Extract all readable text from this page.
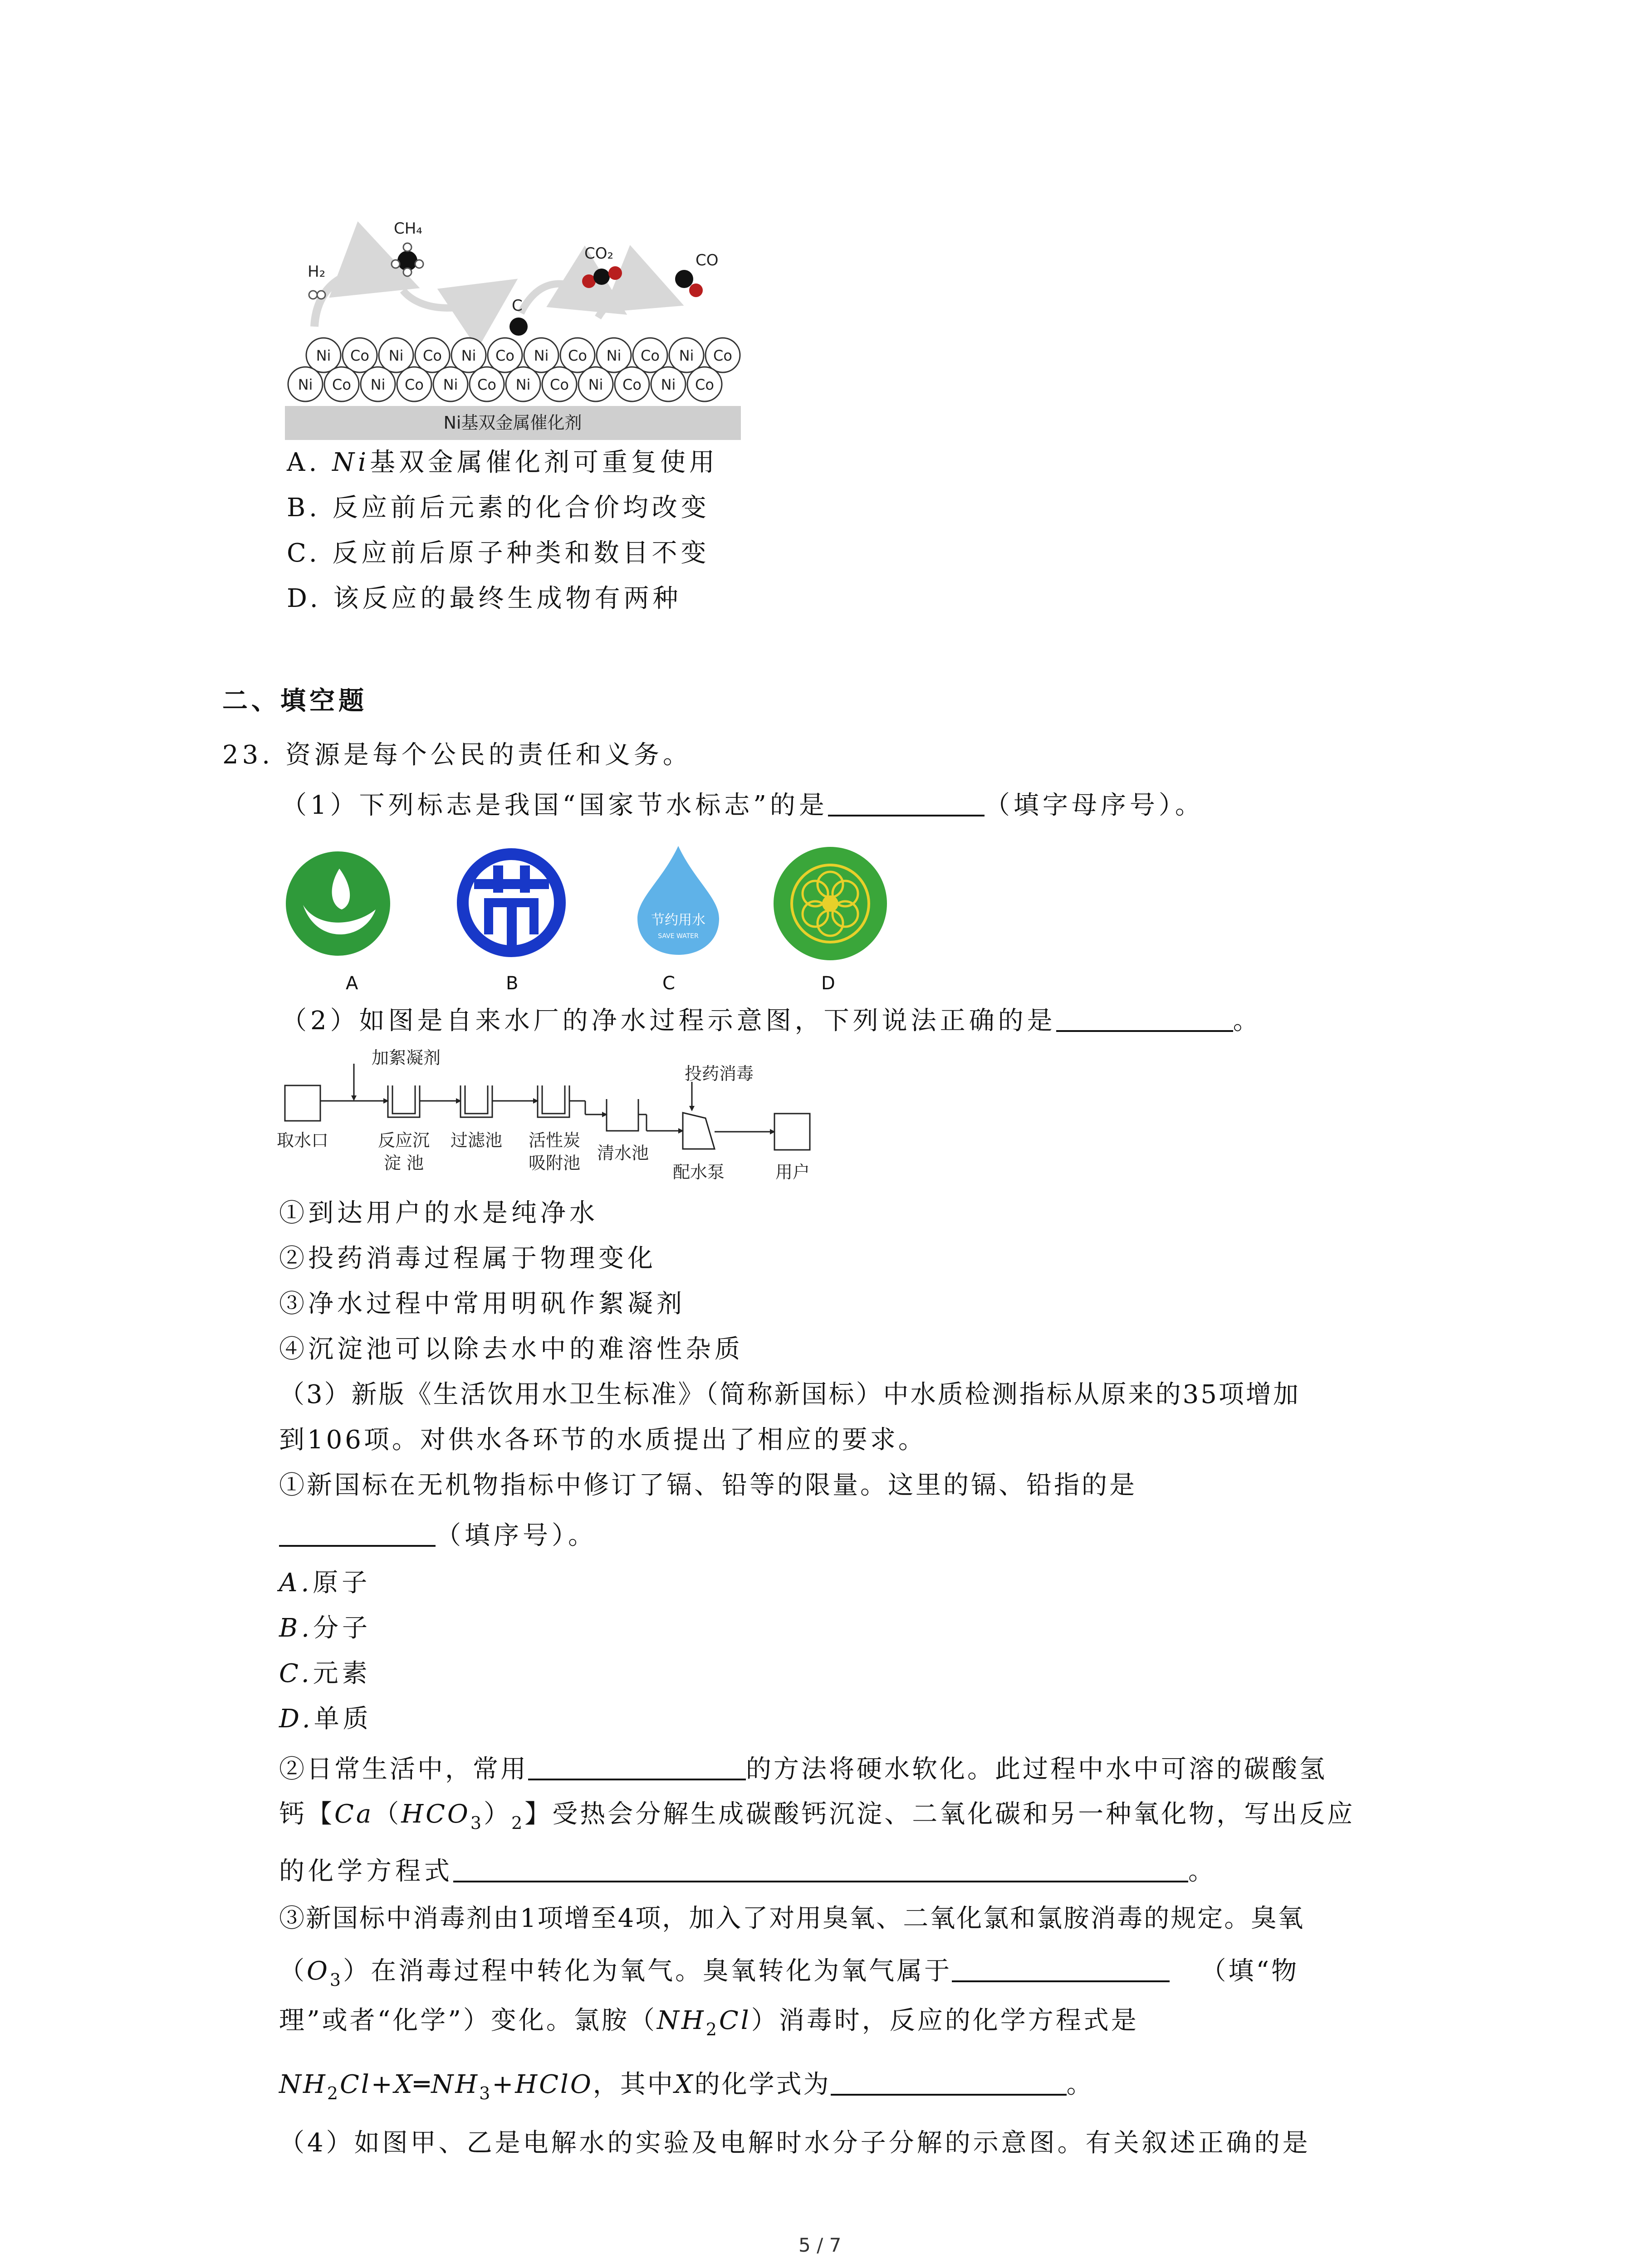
H₂
CH₄
C
CO₂	CO
Ni Co Ni Co Ni Co Ni Co Ni Co Ni Co
Ni Co Ni Co Ni Co Ni Co Ni Co Ni Co
Ni基双金属催化剂
A. Ni基双金属催化剂可重复使用
B. 反应前后元素的化合价均改变
C. 反应前后原子种类和数目不变
D. 该反应的最终生成物有两种
二、填空题
23. 资源是每个公民的责任和义务。
（1）下列标志是我国“国家节水标志”的是	（填字母序号）。
A	B
节约用水
SAVE WATER
C	D
（2）如图是自来水厂的净水过程示意图，下列说法正确的是	。
加絮凝剂
投药消毒
取水口	反应沉
淀 池
过滤池 活性炭
吸附池 清水池
配水泵	用户
①到达用户的水是纯净水
②投药消毒过程属于物理变化
③净水过程中常用明矾作絮凝剂
④沉淀池可以除去水中的难溶性杂质
（3）新版《生活饮用水卫生标准》（简称新国标）中水质检测指标从原来的35项增加
到106项。对供水各环节的水质提出了相应的要求。
①新国标在无机物指标中修订了镉、铅等的限量。这里的镉、铅指的是
（填序号）。
A.原子
B.分子
C.元素
D.单质
②日常生活中，常用	的方法将硬水软化。此过程中水中可溶的碳酸氢
钙【$Ca(HCO_3)_2$】受热会分解生成碳酸钙沉淀、二氧化碳和另一种氧化物，写出反应
的化学方程式	。
③新国标中消毒剂由1项增至4项，加入了对用臭氧、二氧化氯和氯胺消毒的规定。臭氧
$(O_3)$在消毒过程中转化为氧气。臭氧转化为氧气属于	（填“物
理”或者“化学”）变化。氯胺$(NH_2Cl)$消毒时，反应的化学方程式是
$NH_2Cl+X═NH_3+HClO$，其中X的化学式为	。
（4）如图甲、乙是电解水的实验及电解时水分子分解的示意图。有关叙述正确的是
5 / 7
